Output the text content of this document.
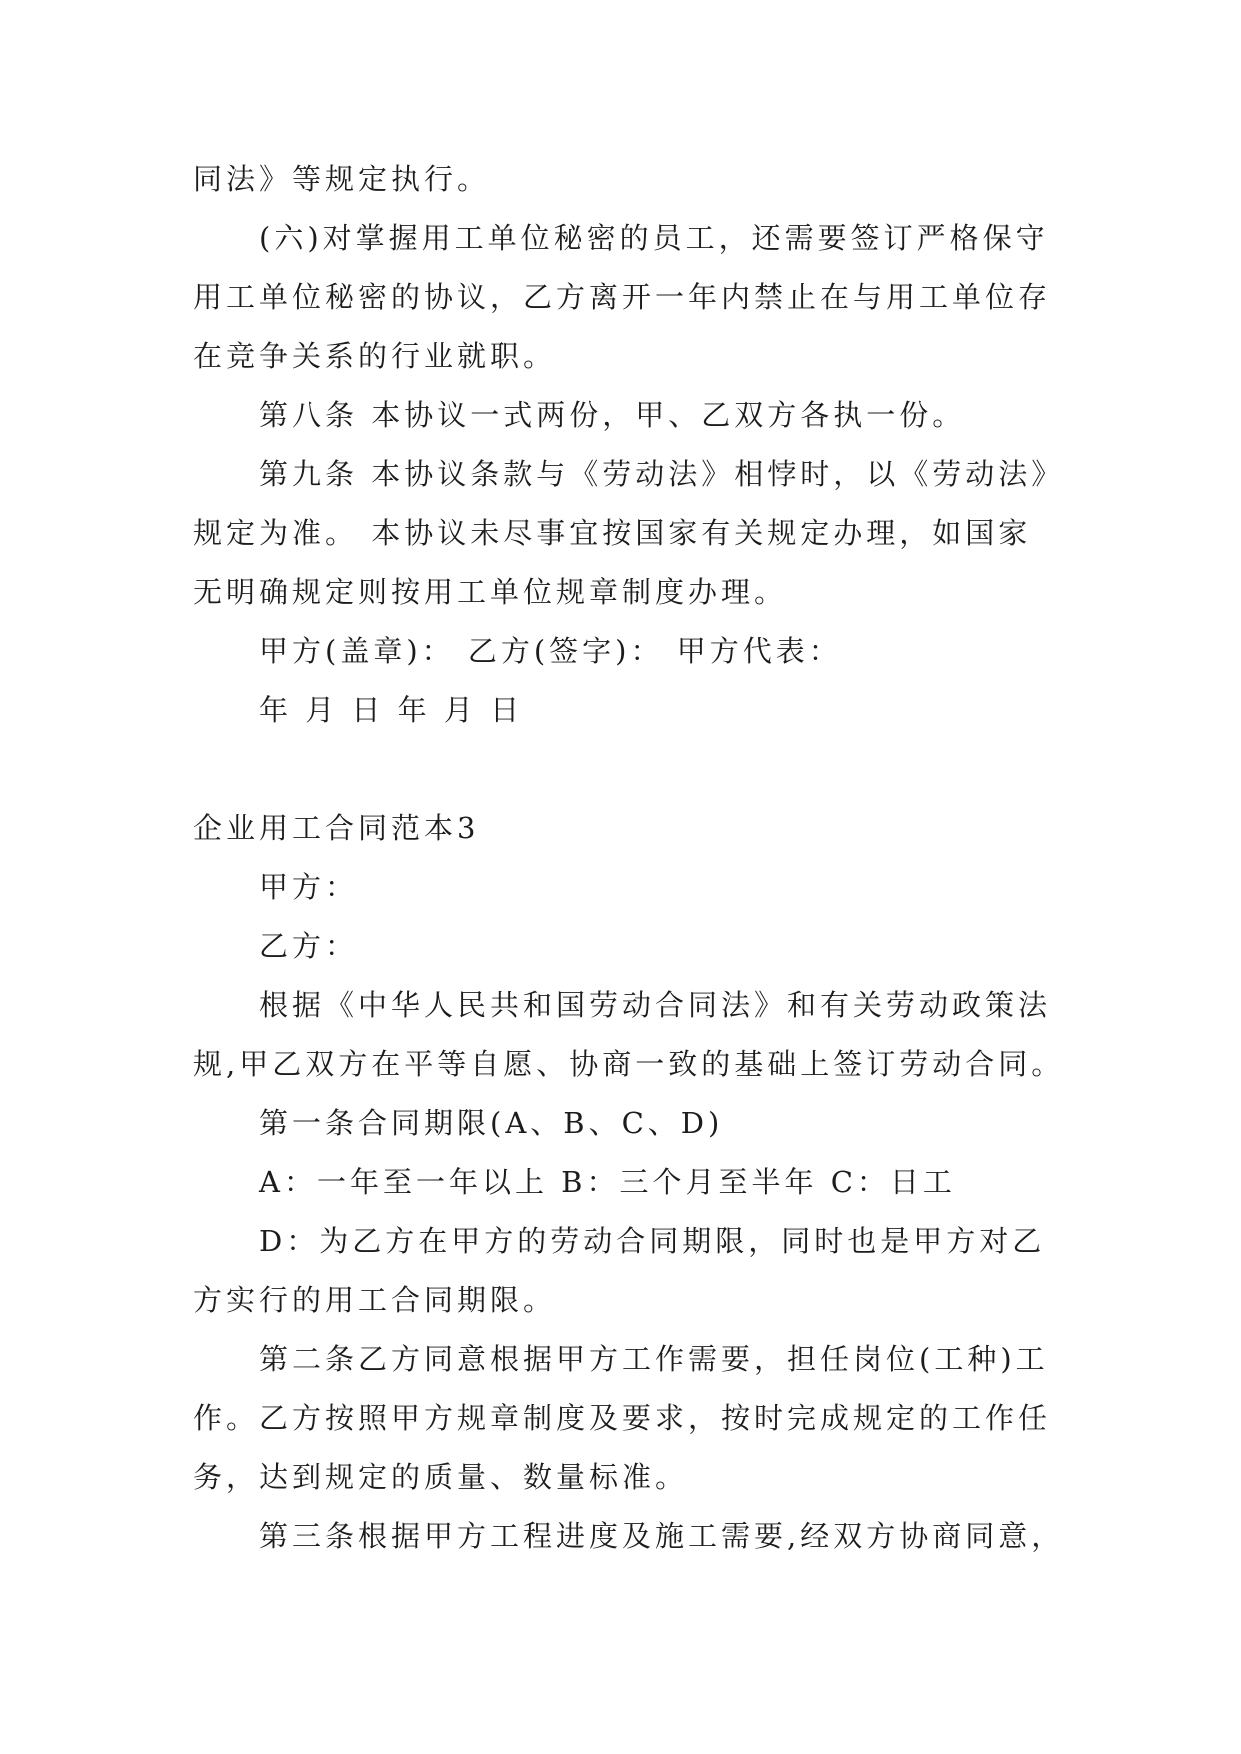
同法》等规定执行。
(六)对掌握用工单位秘密的员工，还需要签订严格保守
用工单位秘密的协议，乙方离开一年内禁止在与用工单位存
在竞争关系的行业就职。
第八条 本协议一式两份，甲、乙双方各执一份。
第九条 本协议条款与《劳动法》相悖时，以《劳动法》
规定为准。 本协议未尽事宜按国家有关规定办理，如国家
无明确规定则按用工单位规章制度办理。
甲方(盖章)： 乙方(签字)： 甲方代表：
年 月 日 年 月 日
企业用工合同范本3
甲方：
乙方：
根据《中华人民共和国劳动合同法》和有关劳动政策法
规,甲乙双方在平等自愿、协商一致的基础上签订劳动合同。
第一条合同期限(A、B、C、D)
A：一年至一年以上 B：三个月至半年 C：日工
D：为乙方在甲方的劳动合同期限，同时也是甲方对乙
方实行的用工合同期限。
第二条乙方同意根据甲方工作需要，担任岗位(工种)工
作。乙方按照甲方规章制度及要求，按时完成规定的工作任
务，达到规定的质量、数量标准。
第三条根据甲方工程进度及施工需要,经双方协商同意，
